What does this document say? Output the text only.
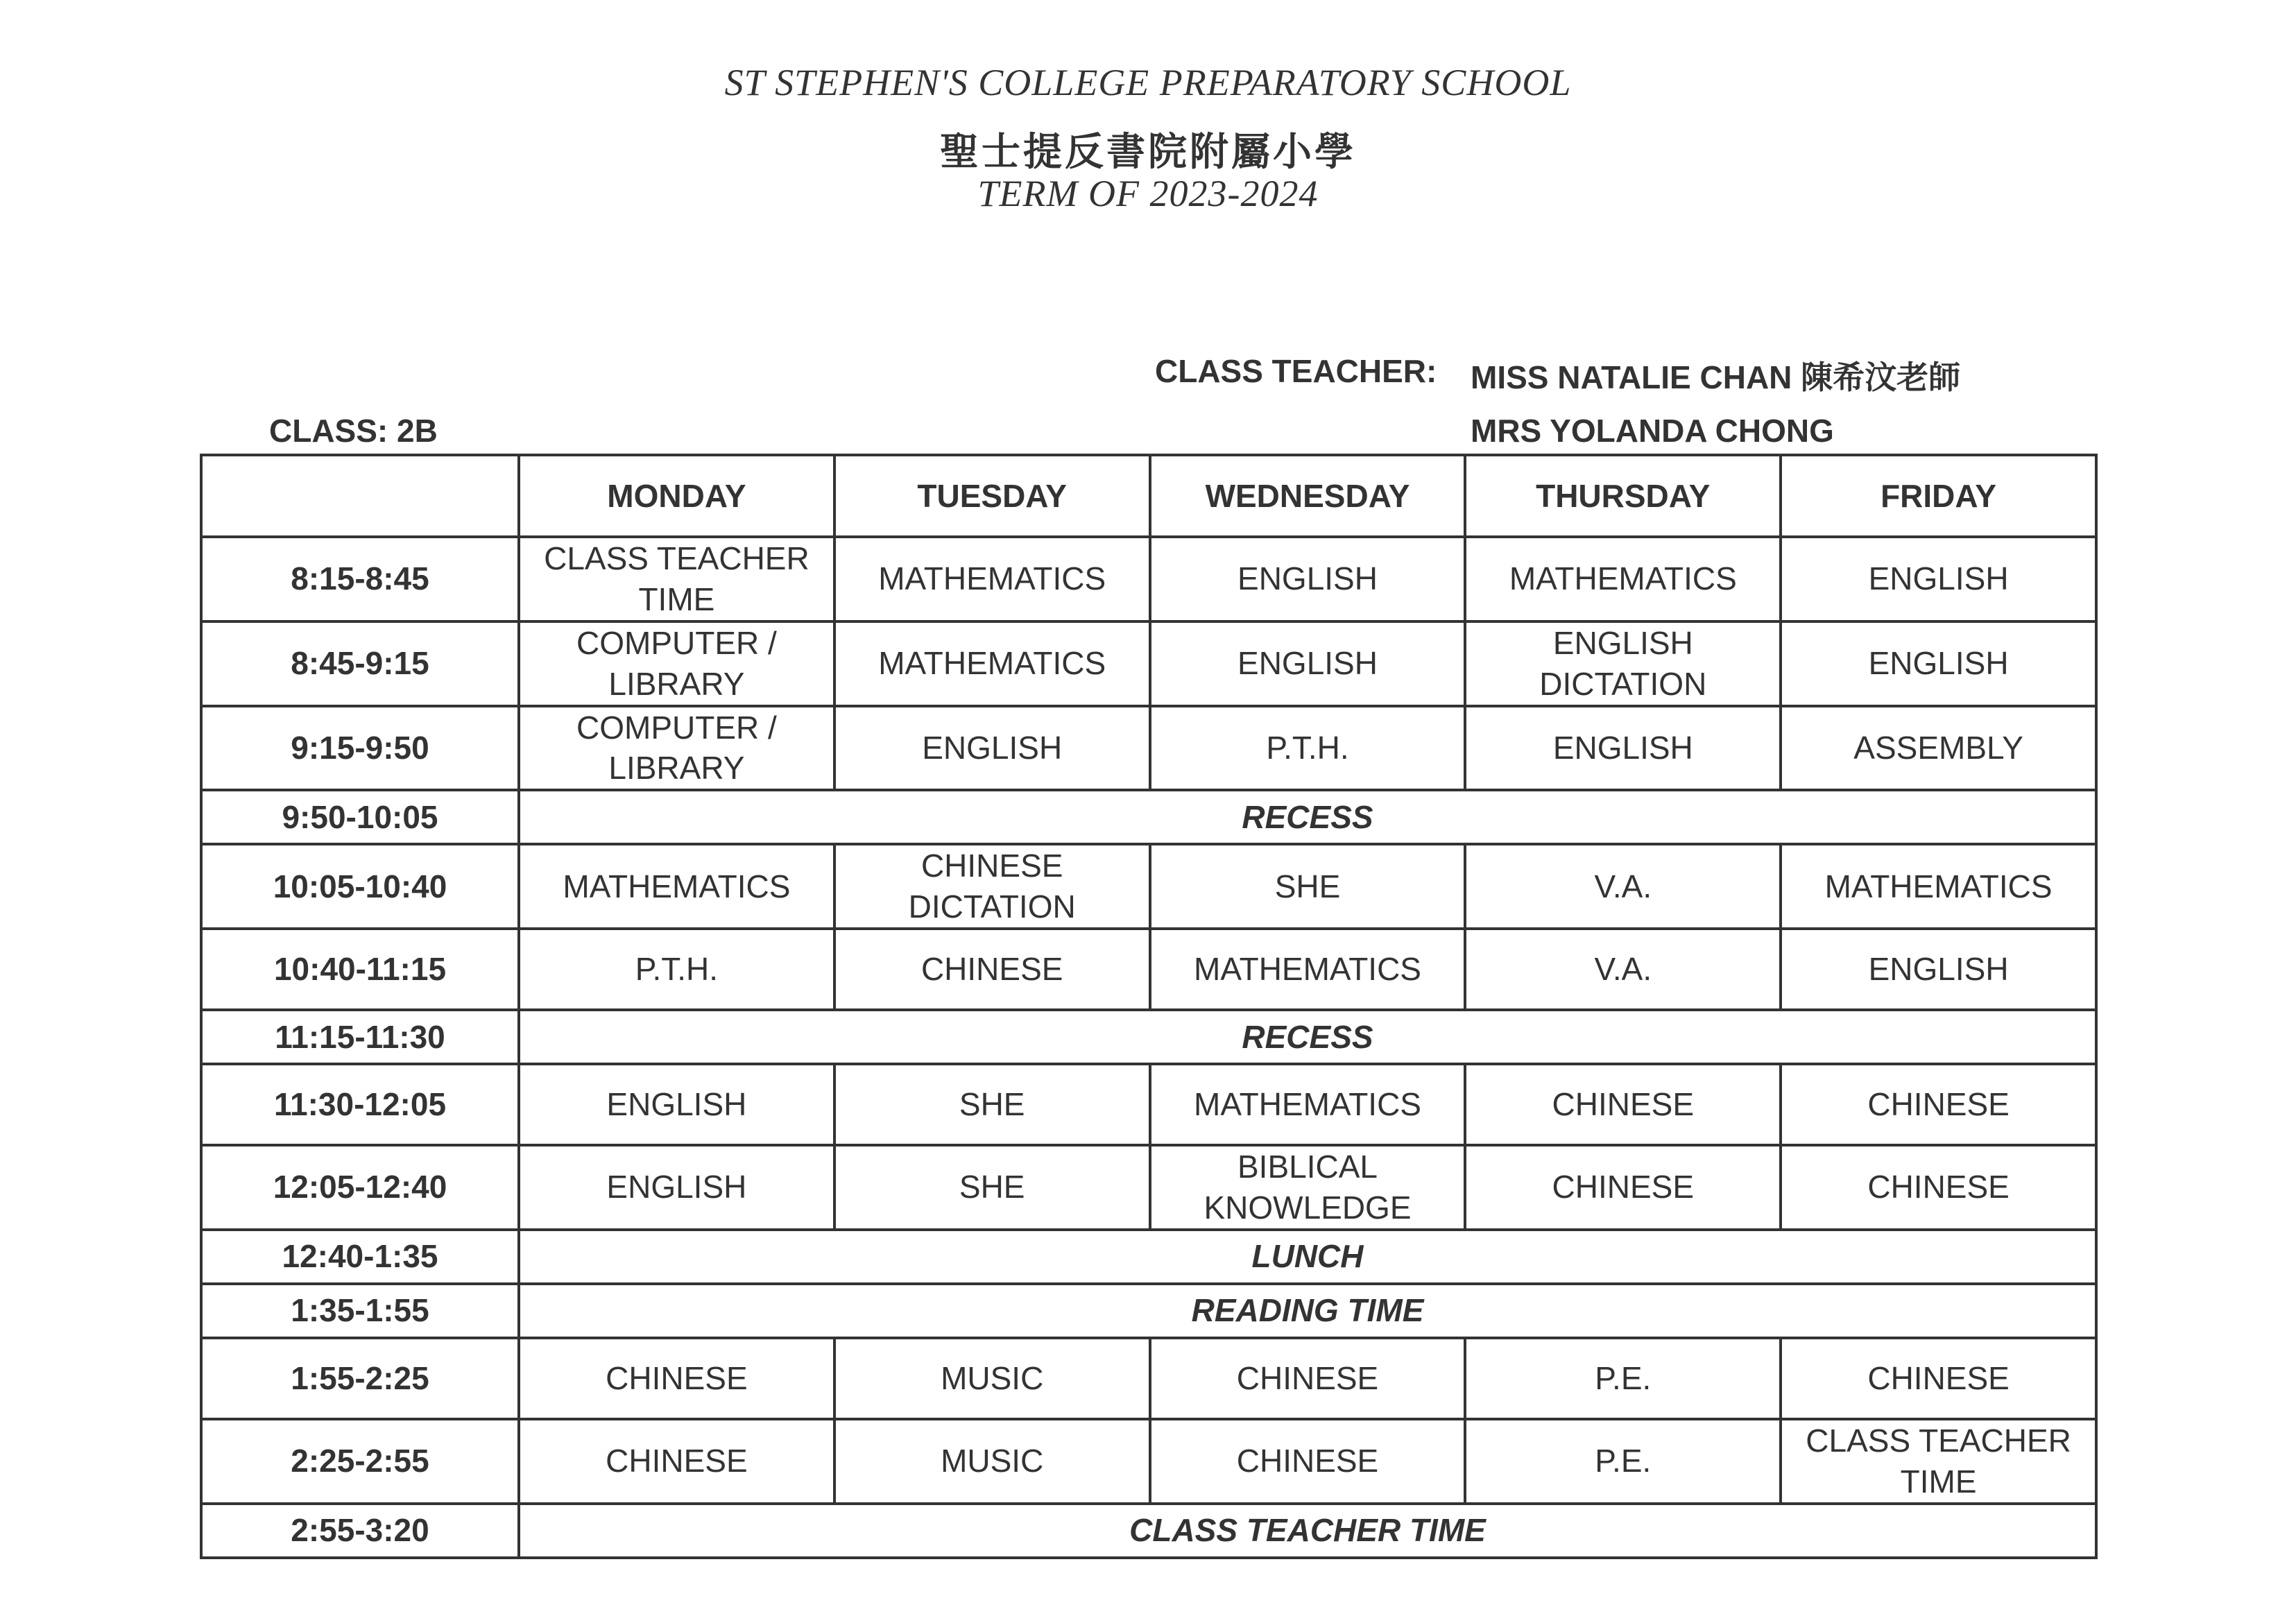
ST STEPHEN'S COLLEGE PREPARATORY SCHOOL
聖士提反書院附屬小學
TERM OF 2023-2024
CLASS TEACHER: MISS NATALIE CHAN 陳希汶老師
MRS YOLANDA CHONG
CLASS: 2B
	MONDAY	TUESDAY	WEDNESDAY	THURSDAY	FRIDAY
8:15-8:45	CLASS TEACHER TIME	MATHEMATICS	ENGLISH	MATHEMATICS	ENGLISH
8:45-9:15	COMPUTER / LIBRARY	MATHEMATICS	ENGLISH	ENGLISH DICTATION	ENGLISH
9:15-9:50	COMPUTER / LIBRARY	ENGLISH	P.T.H.	ENGLISH	ASSEMBLY
9:50-10:05	RECESS				
10:05-10:40	MATHEMATICS	CHINESE DICTATION	SHE	V.A.	MATHEMATICS
10:40-11:15	P.T.H.	CHINESE	MATHEMATICS	V.A.	ENGLISH
11:15-11:30	RECESS				
11:30-12:05	ENGLISH	SHE	MATHEMATICS	CHINESE	CHINESE
12:05-12:40	ENGLISH	SHE	BIBLICAL KNOWLEDGE	CHINESE	CHINESE
12:40-1:35	LUNCH				
1:35-1:55	READING TIME				
1:55-2:25	CHINESE	MUSIC	CHINESE	P.E.	CHINESE
2:25-2:55	CHINESE	MUSIC	CHINESE	P.E.	CLASS TEACHER TIME
2:55-3:20	CLASS TEACHER TIME				
